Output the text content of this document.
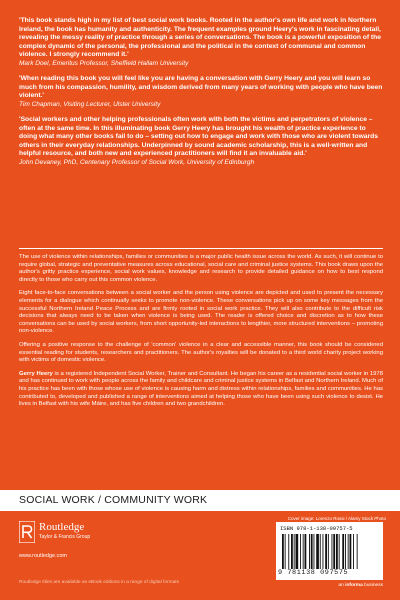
'This book stands high in my list of best social work books. Rooted in the author's own life and work in Northern Ireland, the book has humanity and authenticity. The frequent examples ground Heery's work in fascinating detail, revealing the messy reality of practice through a series of conversations. The book is a powerful exposition of the complex dynamic of the personal, the professional and the political in the context of communal and common violence. I strongly recommend it.'

Mark Doel, Emeritus Professor, Sheffield Hallam University

'When reading this book you will feel like you are having a conversation with Gerry Heery and you will learn so much from his compassion, humility, and wisdom derived from many years of working with people who have been violent.'

Tim Chapman, Visiting Lecturer, Ulster University

'Social workers and other helping professionals often work with both the victims and perpetrators of violence – often at the same time. In this illuminating book Gerry Heery has brought his wealth of practice experience to doing what many other books fail to do – setting out how to engage and work with those who are violent towards others in their everyday relationships. Underpinned by sound academic scholarship, this is a well-written and helpful resource, and both new and experienced practitioners will find it an invaluable aid.'

John Devaney, PhD, Centenary Professor of Social Work, University of Edinburgh

The use of violence within relationships, families or communities is a major public health issue across the world. As such, it will continue to require global, strategic and preventative measures across educational, social care and criminal justice systems. This book draws upon the author's gritty practice experience, social work values, knowledge and research to provide detailed guidance on how to best respond directly to those who carry out this common violence.

Eight face-to-face conversations between a social worker and the person using violence are depicted and used to present the necessary elements for a dialogue which continually seeks to promote non-violence. These conversations pick up on some key messages from the successful Northern Ireland Peace Process and are firmly rooted in social work practice. They will also contribute to the difficult risk decisions that always need to be taken when violence is being used. The reader is offered choice and discretion as to how these conversations can be used by social workers, from short opportunity-led interactions to lengthier, more structured interventions – promoting non-violence.

Offering a positive response to the challenge of 'common' violence in a clear and accessible manner, this book should be considered essential reading for students, researchers and practitioners. The author's royalties will be donated to a third world charity project working with victims of domestic violence.

Gerry Heery is a registered Independent Social Worker, Trainer and Consultant. He began his career as a residential social worker in 1978 and has continued to work with people across the family and childcare and criminal justice systems in Belfast and Northern Ireland. Much of his practice has been with those whose use of violence is causing harm and distress within relationships, families and communities. He has contributed to, developed and published a range of interventions aimed at helping those who have been using such violence to desist. He lives in Belfast with his wife Máire, and has five children and two grandchildren.

SOCIAL WORK / COMMUNITY WORK
Routledge
Taylor & Francis Group
www.routledge.com
Routledge titles are available as eBook editions in a range of digital formats
Cover image: Lorenzo Rossi / Alamy Stock Photo
ISBN 978-1-138-09757-5
9 781138 097575
an informa business
